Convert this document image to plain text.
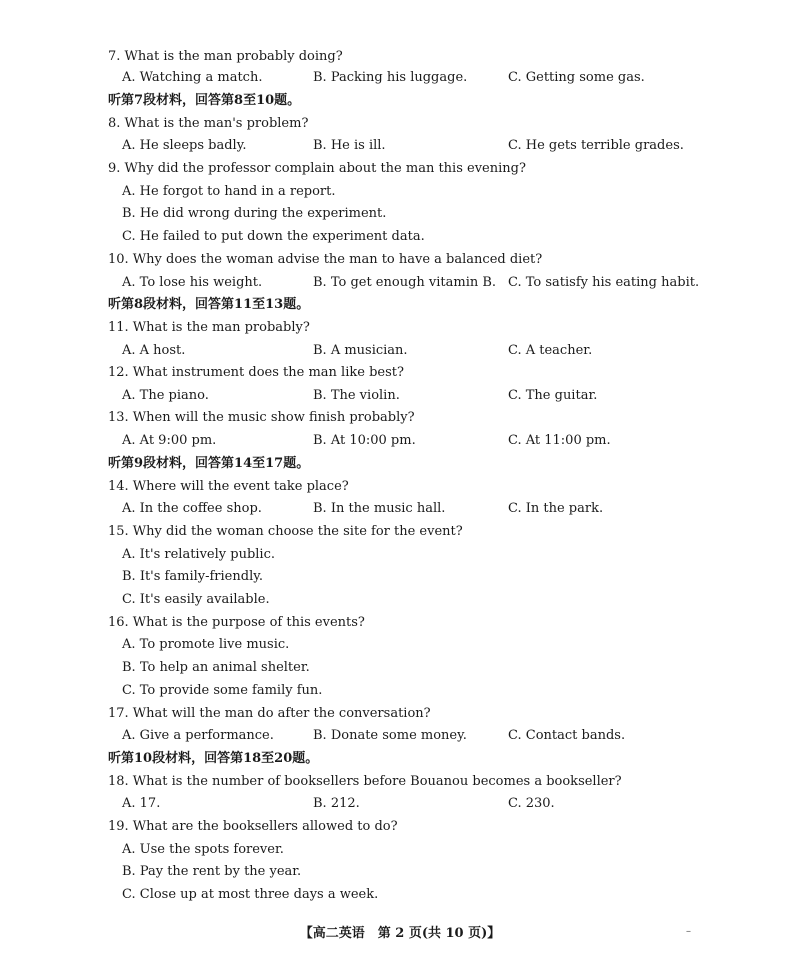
7. What is the man probably doing?
A. Watching a match.	B. Packing his luggage.	C. Getting some gas.
听第7段材料，回答第8至10题。
8. What is the man's problem?
A. He sleeps badly.	B. He is ill.	C. He gets terrible grades.
9. Why did the professor complain about the man this evening?
A. He forgot to hand in a report.
B. He did wrong during the experiment.
C. He failed to put down the experiment data.
10. Why does the woman advise the man to have a balanced diet?
A. To lose his weight.	B. To get enough vitamin B. C. To satisfy his eating habit.
听第8段材料，回答第11至13题。
11. What is the man probably?
A. A host.	B. A musician.	C. A teacher.
12. What instrument does the man like best?
A. The piano.	B. The violin.	C. The guitar.
13. When will the music show finish probably?
A. At 9:00 pm.	B. At 10:00 pm.	C. At 11:00 pm.
听第9段材料，回答第14至17题。
14. Where will the event take place?
A. In the coffee shop.	B. In the music hall.	C. In the park.
15. Why did the woman choose the site for the event?
A. It's relatively public.
B. It's family-friendly.
C. It's easily available.
16. What is the purpose of this events?
A. To promote live music.
B. To help an animal shelter.
C. To provide some family fun.
17. What will the man do after the conversation?
A. Give a performance.	B. Donate some money.	C. Contact bands.
听第10段材料，回答第18至20题。
18. What is the number of booksellers before Bouanou becomes a bookseller?
A. 17.	B. 212.	C. 230.
19. What are the booksellers allowed to do?
A. Use the spots forever.
B. Pay the rent by the year.
C. Close up at most three days a week.
【高二英语　第 2 页(共 10 页)】	–
